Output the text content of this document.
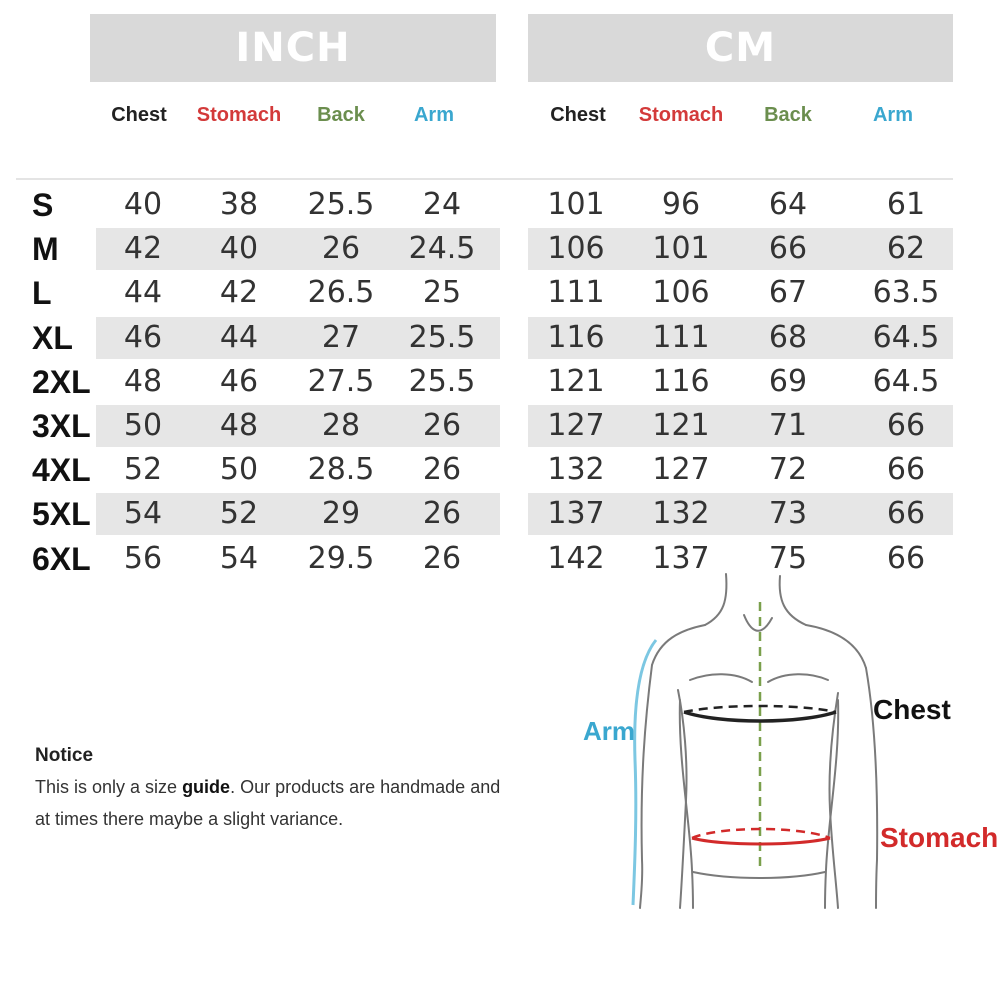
INCH	CM
Chest Stomach Back Arm	Chest Stomach Back	Arm
S 40 38 25.5 24	101 96 64	61
M 42 40 26 24.5 106 101 66	62
L 44 42 26.5 25	111 106 67 63.5
XL 46 44 27 25.5 116 111 68 64.5
2XL 48 46 27.5 25.5 121 116 69 64.5
3XL 50 48 28 26	127 121 71	66
4XL 52 50 28.5 26	132 127 72	66
5XL 54 52 29 26	137 132 73	66
6XL 56 54 29.5 26	142 137 75	66
Notice
This is only a size guide. Our products are handmade and
at times there maybe a slight variance.
Chest
Arm
Stomach
